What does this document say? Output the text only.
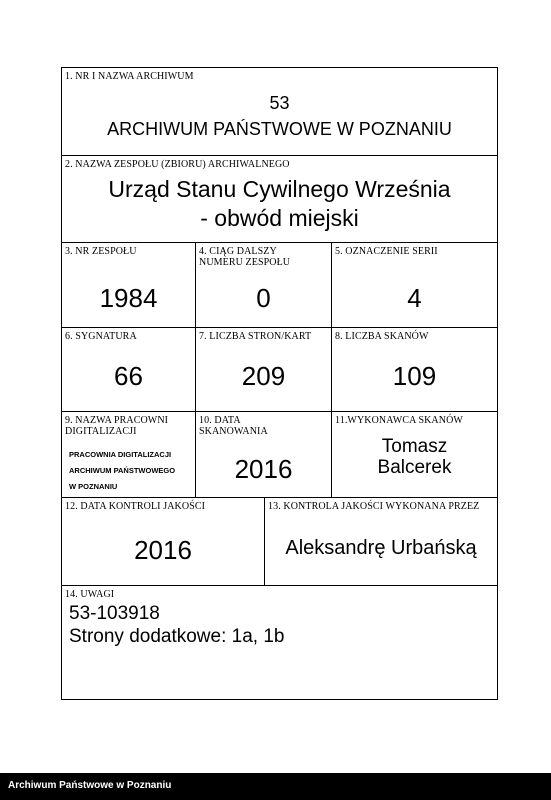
1. NR I NAZWA ARCHIWUM
53
ARCHIWUM PAŃSTWOWE W POZNANIU
2. NAZWA ZESPOŁU (ZBIORU) ARCHIWALNEGO
Urząd Stanu Cywilnego Września
- obwód miejski
3. NR ZESPOŁU
1984
4. CIĄG DALSZY NUMERU ZESPOŁU
0
5. OZNACZENIE SERII
4
6. SYGNATURA
66
7. LICZBA STRON/KART
209
8. LICZBA SKANÓW
109
9. NAZWA PRACOWNI DIGITALIZACJI
PRACOWNIA DIGITALIZACJI
ARCHIWUM PAŃSTWOWEGO
W POZNANIU
10. DATA SKANOWANIA
2016
11.WYKONAWCA SKANÓW
Tomasz
Balcerek
12. DATA KONTROLI JAKOŚCI
2016
13. KONTROLA JAKOŚCI WYKONANA PRZEZ
Aleksandrę Urbańską
14. UWAGI
53-103918
Strony dodatkowe: 1a, 1b
Archiwum Państwowe w Poznaniu
